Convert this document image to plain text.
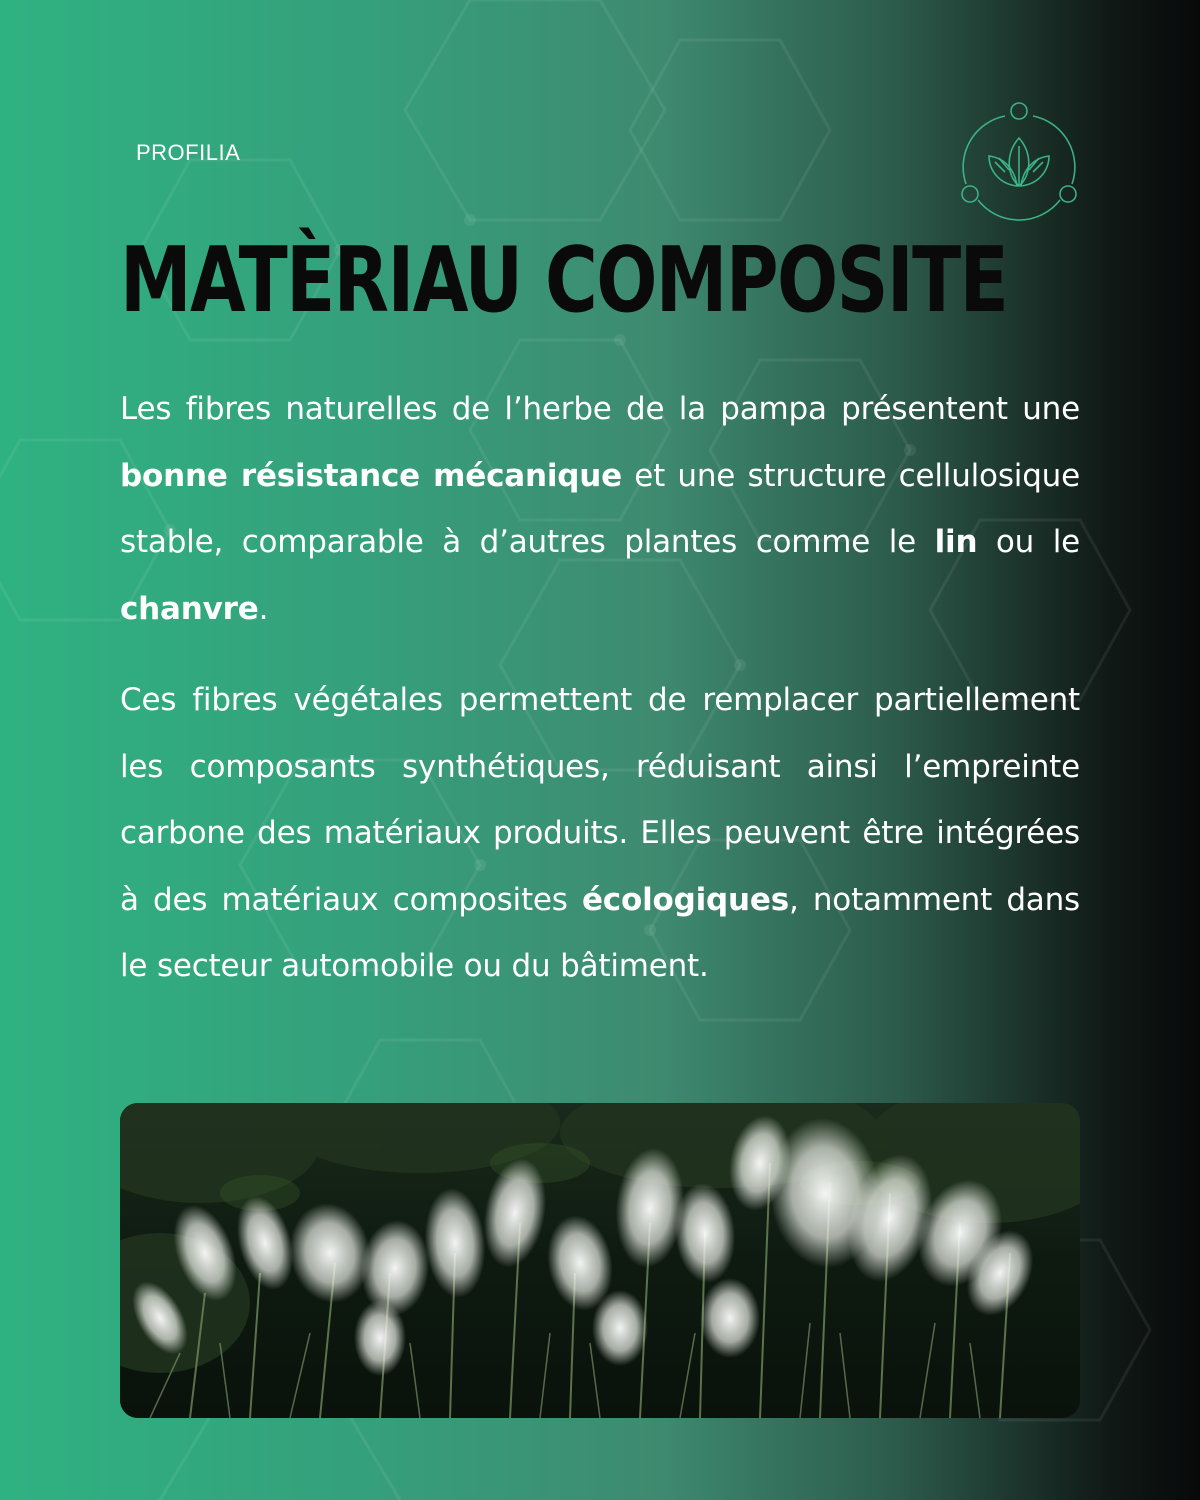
PROFILIA
MATÈRIAU COMPOSITE

Les fibres naturelles de l’herbe de la pampa présentent une bonne résistance mécanique et une structure cellulosique stable, comparable à d’autres plantes comme le lin ou le chanvre.

Ces fibres végétales permettent de remplacer partiellement les composants synthétiques, réduisant ainsi l’empreinte carbone des matériaux produits. Elles peuvent être intégrées à des matériaux composites écologiques, notamment dans le secteur automobile ou du bâtiment.
